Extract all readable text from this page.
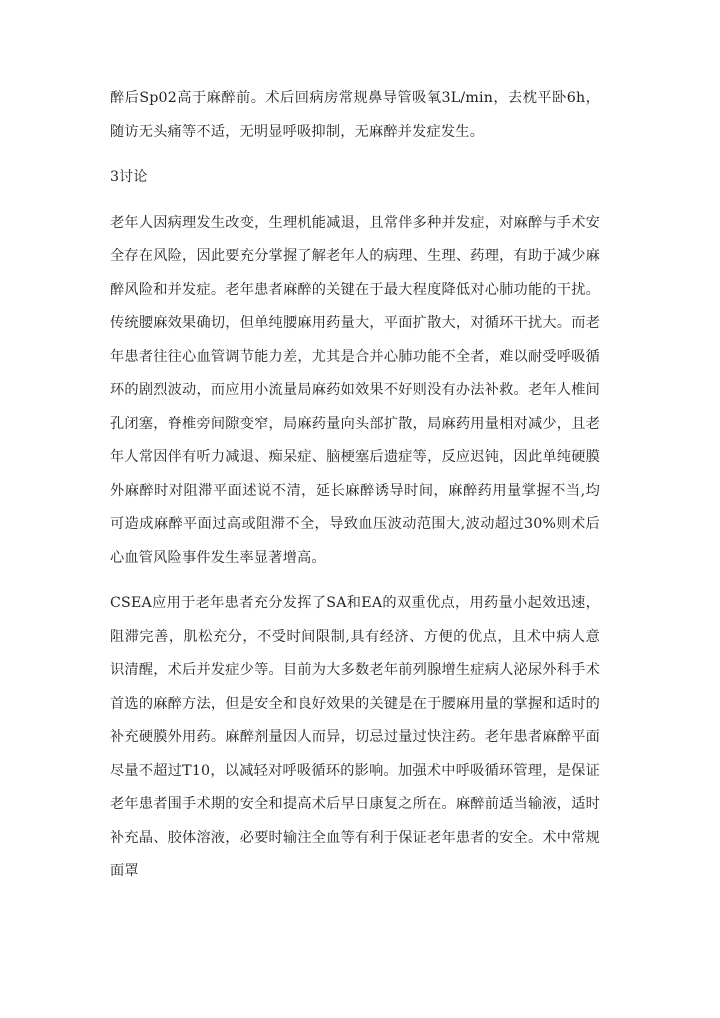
醉后Sp02高于麻醉前。术后回病房常规鼻导管吸氧3L/min，去枕平卧6h，随访无头痛等不适，无明显呼吸抑制，无麻醉并发症发生。

3讨论

老年人因病理发生改变，生理机能减退，且常伴多种并发症，对麻醉与手术安全存在风险，因此要充分掌握了解老年人的病理、生理、药理，有助于减少麻醉风险和并发症。老年患者麻醉的关键在于最大程度降低对心肺功能的干扰。传统腰麻效果确切，但单纯腰麻用药量大，平面扩散大，对循环干扰大。而老年患者往往心血管调节能力差，尤其是合并心肺功能不全者，难以耐受呼吸循环的剧烈波动，而应用小流量局麻药如效果不好则没有办法补救。老年人椎间孔闭塞，脊椎旁间隙变窄，局麻药量向头部扩散，局麻药用量相对减少，且老年人常因伴有听力减退、痴呆症、脑梗塞后遗症等，反应迟钝，因此单纯硬膜外麻醉时对阻滞平面述说不清，延长麻醉诱导时间，麻醉药用量掌握不当,均可造成麻醉平面过高或阻滞不全，导致血压波动范围大,波动超过30%则术后心血管风险事件发生率显著增高。

CSEA应用于老年患者充分发挥了SA和EA的双重优点，用药量小起效迅速，阻滞完善，肌松充分，不受时间限制,具有经济、方便的优点，且术中病人意识清醒，术后并发症少等。目前为大多数老年前列腺增生症病人泌尿外科手术首选的麻醉方法，但是安全和良好效果的关键是在于腰麻用量的掌握和适时的补充硬膜外用药。麻醉剂量因人而异，切忌过量过快注药。老年患者麻醉平面尽量不超过T10，以减轻对呼吸循环的影响。加强术中呼吸循环管理，是保证老年患者围手术期的安全和提高术后早日康复之所在。麻醉前适当输液，适时补充晶、胶体溶液，必要时输注全血等有利于保证老年患者的安全。术中常规面罩
